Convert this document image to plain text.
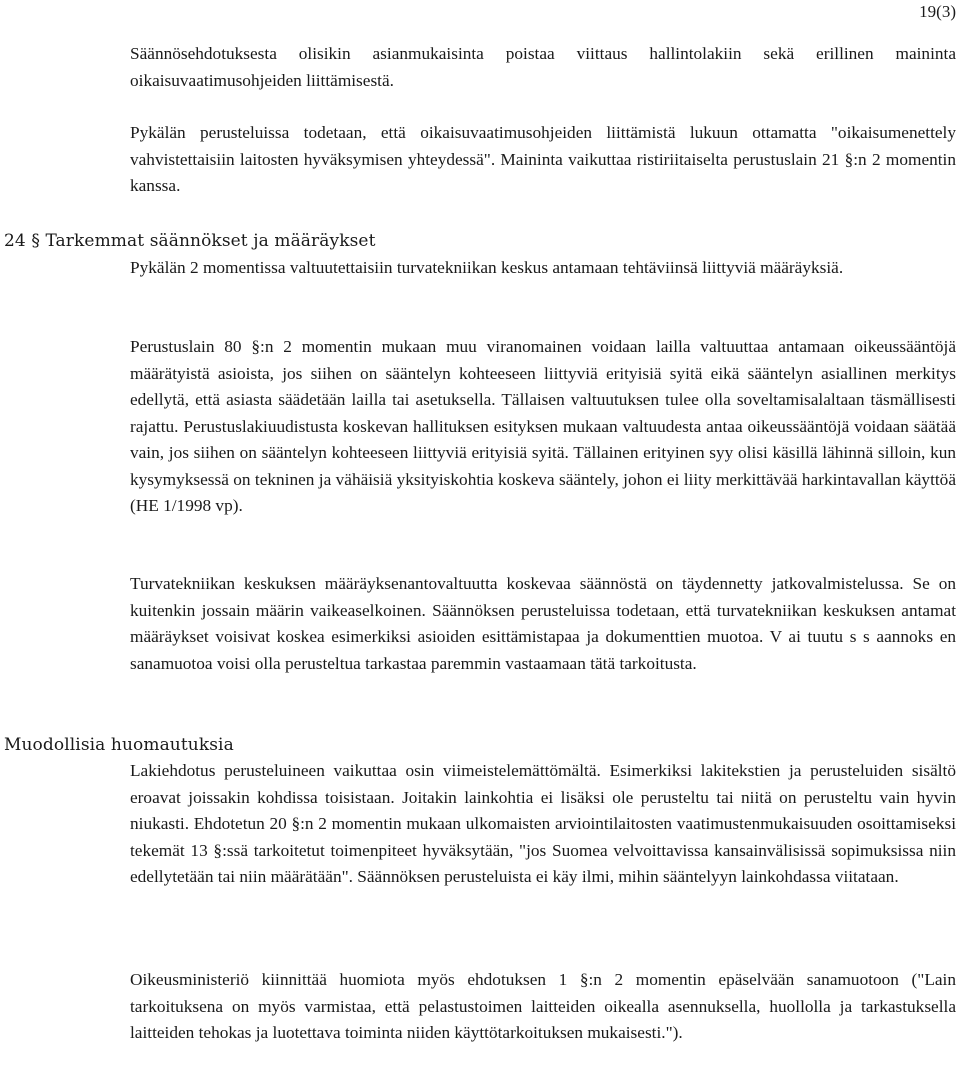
19(3)

Säännösehdotuksesta olisikin asianmukaisinta poistaa viittaus hallintolakiin sekä erillinen maininta oikaisuvaatimusohjeiden liittämisestä.

Pykälän perusteluissa todetaan, että oikaisuvaatimusohjeiden liittämistä lukuun ottamatta "oikaisumenettely vahvistettaisiin laitosten hyväksymisen yhteydessä". Maininta vaikuttaa ristiriitaiselta perustuslain 21 §:n 2 momentin kanssa.

24 § Tarkemmat säännökset ja määräykset

Pykälän 2 momentissa valtuutettaisiin turvatekniikan keskus antamaan tehtäviinsä liittyviä määräyksiä.

Perustuslain 80 §:n 2 momentin mukaan muu viranomainen voidaan lailla valtuuttaa antamaan oikeussääntöjä määrätyistä asioista, jos siihen on sääntelyn kohteeseen liittyviä erityisiä syitä eikä sääntelyn asiallinen merkitys edellytä, että asiasta säädetään lailla tai asetuksella. Tällaisen valtuutuksen tulee olla soveltamisalaltaan täsmällisesti rajattu. Perustuslakiuudistusta koskevan hallituksen esityksen mukaan valtuudesta antaa oikeussääntöjä voidaan säätää vain, jos siihen on sääntelyn kohteeseen liittyviä erityisiä syitä. Tällainen erityinen syy olisi käsillä lähinnä silloin, kun kysymyksessä on tekninen ja vähäisiä yksityiskohtia koskeva sääntely, johon ei liity merkittävää harkintavallan käyttöä (HE 1/1998 vp).

Turvatekniikan keskuksen määräyksenantovaltuutta koskevaa säännöstä on täydennetty jatkovalmistelussa. Se on kuitenkin jossain määrin vaikeaselkoinen. Säännöksen perusteluissa todetaan, että turvatekniikan keskuksen antamat määräykset voisivat koskea esimerkiksi asioiden esittämistapaa ja dokumenttien muotoa. V ai tuutu s s aannoks en sanamuotoa voisi olla perusteltua tarkastaa paremmin vastaamaan tätä tarkoitusta.

Muodollisia huomautuksia

Lakiehdotus perusteluineen vaikuttaa osin viimeistelemättömältä. Esimerkiksi lakitekstien ja perusteluiden sisältö eroavat joissakin kohdissa toisistaan. Joitakin lainkohtia ei lisäksi ole perusteltu tai niitä on perusteltu vain hyvin niukasti. Ehdotetun 20 §:n 2 momentin mukaan ulkomaisten arviointilaitosten vaatimustenmukaisuuden osoittamiseksi tekemät 13 §:ssä tarkoitetut toimenpiteet hyväksytään, "jos Suomea velvoittavissa kansainvälisissä sopimuksissa niin edellytetään tai niin määrätään". Säännöksen perusteluista ei käy ilmi, mihin sääntelyyn lainkohdassa viitataan.

Oikeusministeriö kiinnittää huomiota myös ehdotuksen 1 §:n 2 momentin epäselvään sanamuotoon ("Lain tarkoituksena on myös varmistaa, että pelastustoimen laitteiden oikealla asennuksella, huollolla ja tarkastuksella laitteiden tehokas ja luotettava toiminta niiden käyttötarkoituksen mukaisesti.").
